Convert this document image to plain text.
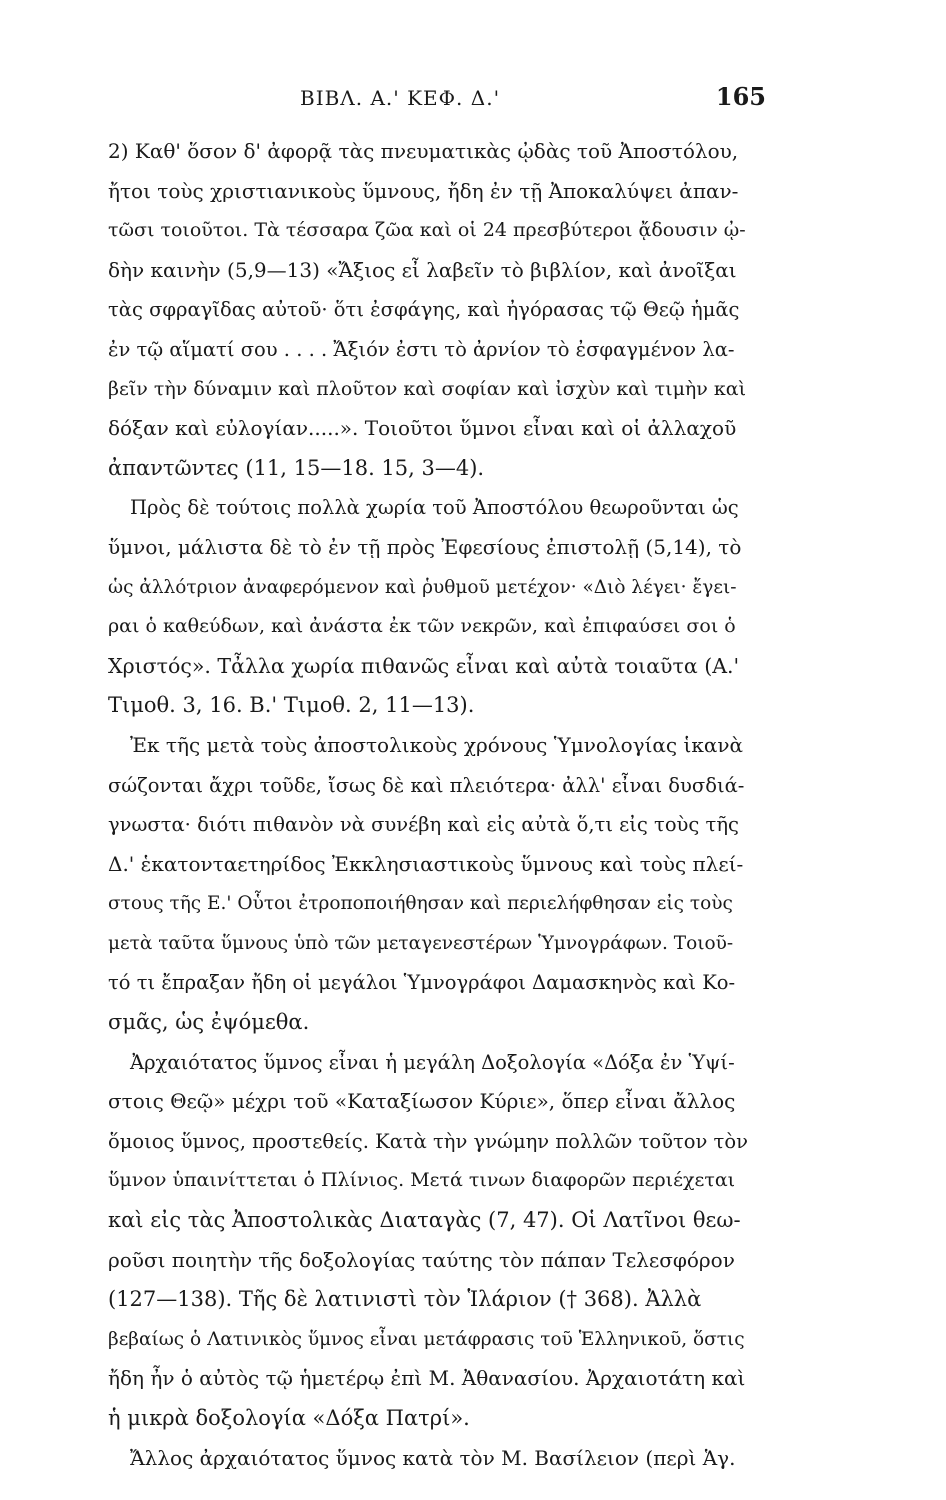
ΒΙΒΛ. Α.' ΚΕΦ. Δ.'	165
2) Καθ' ὅσον δ' ἀφορᾷ τὰς πνευματικὰς ᾠδὰς τοῦ Ἀποστόλου,
ἤτοι τοὺς χριστιανικοὺς ὕμνους, ἤδη ἐν τῇ Ἀποκαλύψει ἀπαν-
τῶσι τοιοῦτοι. Τὰ τέσσαρα ζῶα καὶ οἱ 24 πρεσβύτεροι ᾄδουσιν ᾠ-
δὴν καινὴν (5,9—13) «Ἄξιος εἶ λαβεῖν τὸ βιβλίον, καὶ ἀνοῖξαι
τὰς σφραγῖδας αὐτοῦ· ὅτι ἐσφάγης, καὶ ἠγόρασας τῷ Θεῷ ἡμᾶς
ἐν τῷ αἵματί σου . . . . Ἄξιόν ἐστι τὸ ἀρνίον τὸ ἐσφαγμένον λα-
βεῖν τὴν δύναμιν καὶ πλοῦτον καὶ σοφίαν καὶ ἰσχὺν καὶ τιμὴν καὶ
δόξαν καὶ εὐλογίαν.....». Τοιοῦτοι ὕμνοι εἶναι καὶ οἱ ἀλλαχοῦ
ἀπαντῶντες (11, 15—18. 15, 3—4).
Πρὸς δὲ τούτοις πολλὰ χωρία τοῦ Ἀποστόλου θεωροῦνται ὡς
ὕμνοι, μάλιστα δὲ τὸ ἐν τῇ πρὸς Ἐφεσίους ἐπιστολῇ (5,14), τὸ
ὡς ἀλλότριον ἀναφερόμενον καὶ ῥυθμοῦ μετέχον· «Διὸ λέγει· ἔγει-
ραι ὁ καθεύδων, καὶ ἀνάστα ἐκ τῶν νεκρῶν, καὶ ἐπιφαύσει σοι ὁ
Χριστός». Τἆλλα χωρία πιθανῶς εἶναι καὶ αὐτὰ τοιαῦτα (Α.'
Τιμοθ. 3, 16. Β.' Τιμοθ. 2, 11—13).
Ἐκ τῆς μετὰ τοὺς ἀποστολικοὺς χρόνους Ὑμνολογίας ἱκανὰ
σώζονται ἄχρι τοῦδε, ἴσως δὲ καὶ πλειότερα· ἀλλ' εἶναι δυσδιά-
γνωστα· διότι πιθανὸν νὰ συνέβη καὶ εἰς αὐτὰ ὅ,τι εἰς τοὺς τῆς
Δ.' ἑκατονταετηρίδος Ἐκκλησιαστικοὺς ὕμνους καὶ τοὺς πλεί-
στους τῆς Ε.' Οὗτοι ἐτροποποιήθησαν καὶ περιελήφθησαν εἰς τοὺς
μετὰ ταῦτα ὕμνους ὑπὸ τῶν μεταγενεστέρων Ὑμνογράφων. Τοιοῦ-
τό τι ἔπραξαν ἤδη οἱ μεγάλοι Ὑμνογράφοι Δαμασκηνὸς καὶ Κο-
σμᾶς, ὡς ἐψόμεθα.
Ἀρχαιότατος ὕμνος εἶναι ἡ μεγάλη Δοξολογία «Δόξα ἐν Ὑψί-
στοις Θεῷ» μέχρι τοῦ «Καταξίωσον Κύριε», ὅπερ εἶναι ἄλλος
ὅμοιος ὕμνος, προστεθείς. Κατὰ τὴν γνώμην πολλῶν τοῦτον τὸν
ὕμνον ὑπαινίττεται ὁ Πλίνιος. Μετά τινων διαφορῶν περιέχεται
καὶ εἰς τὰς Ἀποστολικὰς Διαταγὰς (7, 47). Οἱ Λατῖνοι θεω-
ροῦσι ποιητὴν τῆς δοξολογίας ταύτης τὸν πάπαν Τελεσφόρον
(127—138). Τῆς δὲ λατινιστὶ τὸν Ἱλάριον († 368). Ἀλλὰ
βεβαίως ὁ Λατινικὸς ὕμνος εἶναι μετάφρασις τοῦ Ἑλληνικοῦ, ὅστις
ἤδη ἦν ὁ αὐτὸς τῷ ἡμετέρῳ ἐπὶ Μ. Ἀθανασίου. Ἀρχαιοτάτη καὶ
ἡ μικρὰ δοξολογία «Δόξα Πατρί».
Ἄλλος ἀρχαιότατος ὕμνος κατὰ τὸν Μ. Βασίλειον (περὶ Ἁγ.
